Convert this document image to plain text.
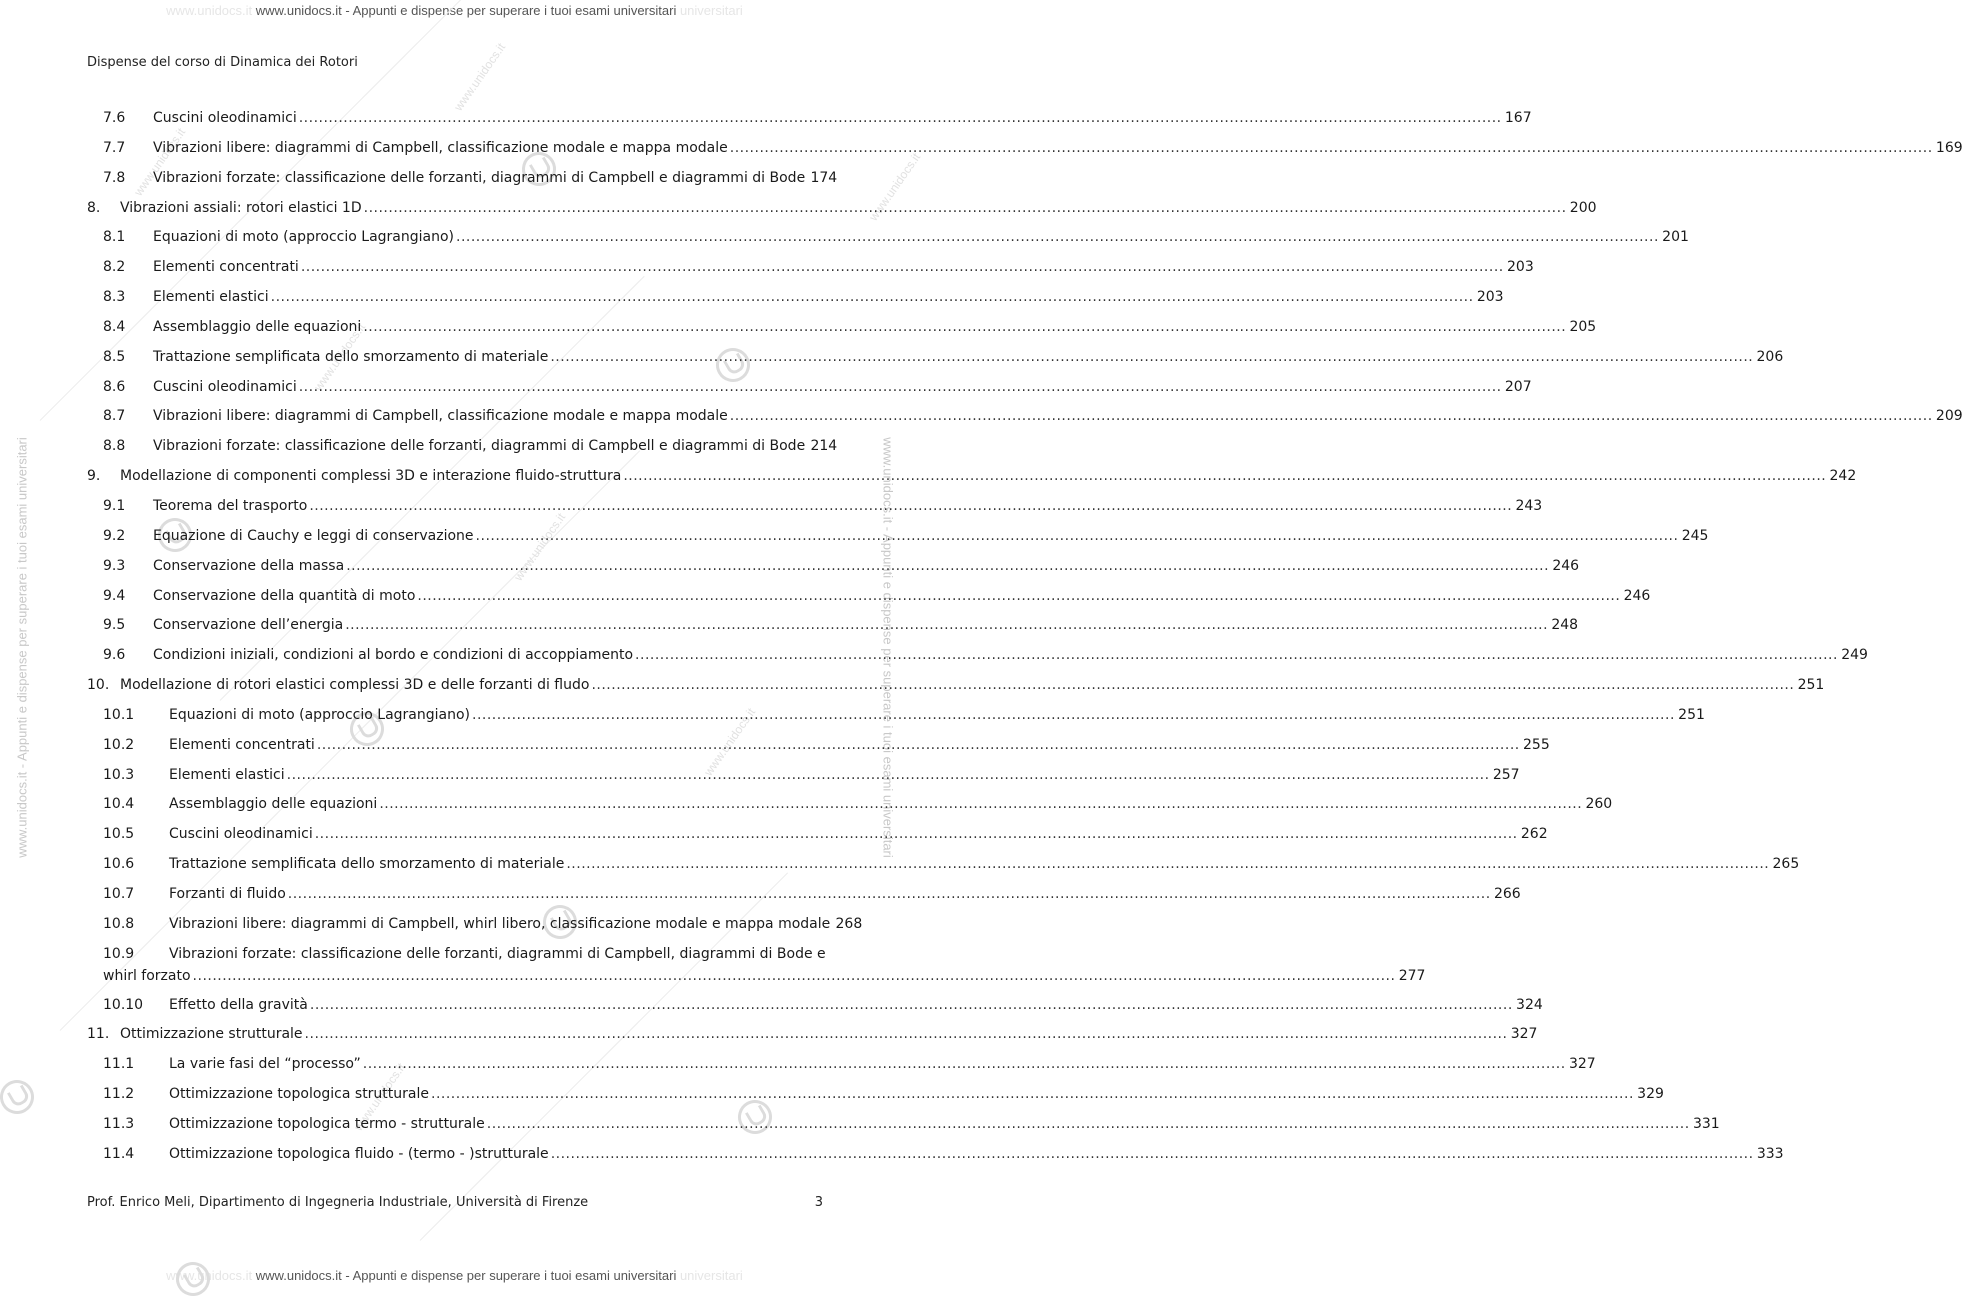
www.unidocs.it www.unidocs.it - Appunti e dispense per superare i tuoi esami universitari universitari
www.unidocs.it www.unidocs.it - Appunti e dispense per superare i tuoi esami universitari universitari
www.unidocs.it - Appunti e dispense per superare i tuoi esami universitari	www.unidocs.it - Appunti e dispense per superare i tuoi esami universitari
www.unidocs.it
www.unidocs.it
www.unidocs.it
www.unidocs.it
www.unidocs.it
www.unidocs.it	www.unidocs.it
Dispense del corso di Dinamica dei Rotori
7.6	Cuscini oleodinamici .....	167
7.7	Vibrazioni libere: diagrammi di Campbell, classificazione modale e mappa modale .....	169
7.8	Vibrazioni forzate: classificazione delle forzanti, diagrammi di Campbell e diagrammi di Bode 174
8.	Vibrazioni assiali: rotori elastici 1D .....	200
8.1	Equazioni di moto (approccio Lagrangiano) .....	201
8.2	Elementi concentrati .....	203
8.3	Elementi elastici .....	203
8.4	Assemblaggio delle equazioni .....	205
8.5	Trattazione semplificata dello smorzamento di materiale .....	206
8.6	Cuscini oleodinamici .....	207
8.7	Vibrazioni libere: diagrammi di Campbell, classificazione modale e mappa modale .....	209
8.8	Vibrazioni forzate: classificazione delle forzanti, diagrammi di Campbell e diagrammi di Bode 214
9.	Modellazione di componenti complessi 3D e interazione fluido-struttura .....	242
9.1	Teorema del trasporto .....	243
9.2	Equazione di Cauchy e leggi di conservazione .....	245
9.3	Conservazione della massa .....	246
9.4	Conservazione della quantità di moto .....	246
9.5	Conservazione dell’energia .....	248
9.6	Condizioni iniziali, condizioni al bordo e condizioni di accoppiamento .....	249
10. Modellazione di rotori elastici complessi 3D e delle forzanti di fludo .....	251
10.1	Equazioni di moto (approccio Lagrangiano) .....	251
10.2	Elementi concentrati .....	255
10.3	Elementi elastici .....	257
10.4	Assemblaggio delle equazioni .....	260
10.5	Cuscini oleodinamici .....	262
10.6	Trattazione semplificata dello smorzamento di materiale .....	265
10.7	Forzanti di fluido .....	266
10.8	Vibrazioni libere: diagrammi di Campbell, whirl libero, classificazione modale e mappa modale 268
10.9	Vibrazioni forzate: classificazione delle forzanti, diagrammi di Campbell, diagrammi di Bode e
whirl forzato .....	277
10.10	Effetto della gravità .....	324
11. Ottimizzazione strutturale .....	327
11.1	La varie fasi del “processo” .....	327
11.2	Ottimizzazione topologica strutturale .....	329
11.3	Ottimizzazione topologica termo - strutturale .....	331
11.4	Ottimizzazione topologica fluido - (termo - )strutturale .....	333
Prof. Enrico Meli, Dipartimento di Ingegneria Industriale, Università di Firenze	3
